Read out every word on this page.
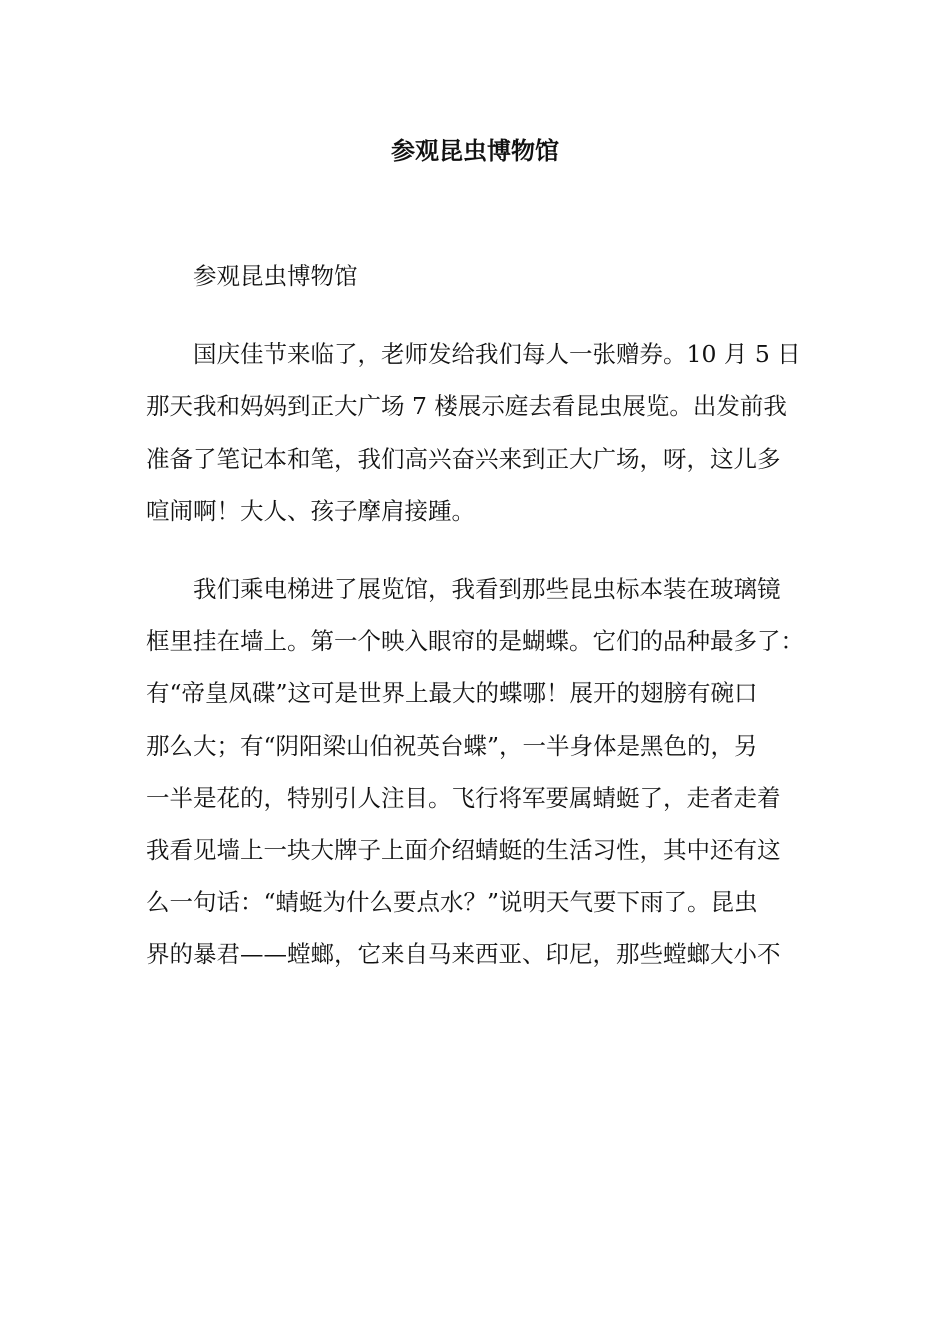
参观昆虫博物馆

参观昆虫博物馆

国庆佳节来临了，老师发给我们每人一张赠券。10 月 5 日
那天我和妈妈到正大广场 7 楼展示庭去看昆虫展览。出发前我
准备了笔记本和笔，我们高兴奋兴来到正大广场，呀，这儿多
喧闹啊！大人、孩子摩肩接踵。

我们乘电梯进了展览馆，我看到那些昆虫标本装在玻璃镜
框里挂在墙上。第一个映入眼帘的是蝴蝶。它们的品种最多了：
有“帝皇凤碟”这可是世界上最大的蝶哪！展开的翅膀有碗口
那么大；有“阴阳梁山伯祝英台蝶”，一半身体是黑色的，另
一半是花的，特别引人注目。飞行将军要属蜻蜓了，走者走着
我看见墙上一块大牌子上面介绍蜻蜓的生活习性，其中还有这
么一句话：“蜻蜓为什么要点水？”说明天气要下雨了。昆虫
界的暴君——螳螂，它来自马来西亚、印尼，那些螳螂大小不
